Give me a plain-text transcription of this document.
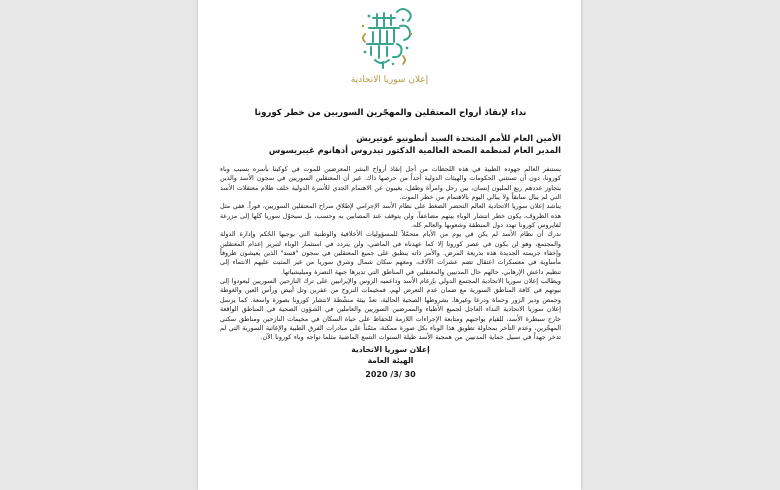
إعلان سوريا الاتحادية

نداء لإنقاذ أرواح المعتقلين والمهجّرين السوريين من خطر كورونا

الأمين العام للأمم المتحدة السيد أنطونيو غوتيريش

المدير العام لمنظمة الصحة العالمية الدكتور تيدروس أدهانوم غيبريسوس

يستنفر العالم جهوده الطبية في هذه اللحظات من أجل إنقاذ أرواح البشر المعرضين للموت في كوكبنا بأسره بسبب وباء كورونا، دون أن تستثني الحكومات والهيئات الدولية أحداً من حرصها ذاك. غير أن المعتقلين السوريين في سجون الأسد والذين يتجاوز عددهم ربع المليون إنسان، بين رجل وامرأة وطفل، يغيبون عن الاهتمام الجدي للأسرة الدولية خلف ظلام معتقلات الأسد التي لم يبال سابقاً ولا يبالي اليوم بالاهتمام من خطر الموت.

يناشد إعلان سوريا الاتحادية العالم التحضر الضغط على نظام الأسد الإجرامي لإطلاق سراح المعتقلين السوريين، فوراً. ففي مثل هذه الظروف، يكون خطر انتشار الوباء بينهم مضاعفاً، ولن يتوقف عند المصابين به وحسب، بل سيحوّل سوريا كلها إلى مزرعة لفايروس كورونا تهدد دول المنطقة وشعوبها والعالم كله.

ندرك أن نظام الأسد لم يكن في يوم من الأيام متحمّلاً للمسؤوليات الأخلاقية والوطنية التي يوجبها الحُكم وإدارة الدولة والمجتمع، وهو لن يكون في عصر كورونا إلا كما عهدناه في الماضي، ولن يتردد في استثمار الوباء لتبرير إعدام المعتقلين وإخفاء جريمته الجديدة هذه بذريعة المرض. والأمر ذاته ينطبق على جميع المعتقلين في سجون "قسد" الذين يعيشون ظروفاً مأساوية في معسكرات اعتقال تضم عشرات الآلاف، ومعهم سكان شمال وشرق سوريا من غير المثبت عليهم الانتماء إلى تنظيم داعش الإرهابي، حالهم حال المدنيين والمعتقلين في المناطق التي تديرها جبهة النصرة وميليشياتها.

ويطالب إعلان سوريا الاتحادية المجتمع الدولي بإرغام الأسد وداعميه الروس والإيرانيين على ترك النازحين السوريين ليعودوا إلى بيوتهم في كافة المناطق السورية مع ضمان عدم التعرض لهم، فمخيمات النزوح من عفرين وتل أبيض ورأس العين والغوطة وحمص ودير الزور وحماة ودرعا وغيرها، بشروطها الصحية الحالية، تعدّ بيئة منشّطة لانتشار كورونا بصورة واسعة. كما يرسل إعلان سوريا الاتحادية النداء العاجل لجميع الأطباء والممرضين السوريين والعاملين في الشؤون الصحية في المناطق الواقعة خارج سيطرة الأسد، للقيام بواجبهم ومتابعة الإجراءات اللازمة للحفاظ على حياة السكان في مخيمات النازحين ومناطق سكنى المهجّرين، وعدم التأخر بمحاولة تطويق هذا الوباء بكل صورة ممكنة، مثمّناً على مبادرات الفرق الطبية والإغاثية السورية التي لم تدخر جهداً في سبيل حماية المدنيين من همجية الأسد طيلة السنوات التسع الماضية مثلما تواجه وباء كورونا الآن.

إعلان سوريا الاتحادية

الهيئة العامة

2020 /3/ 30
